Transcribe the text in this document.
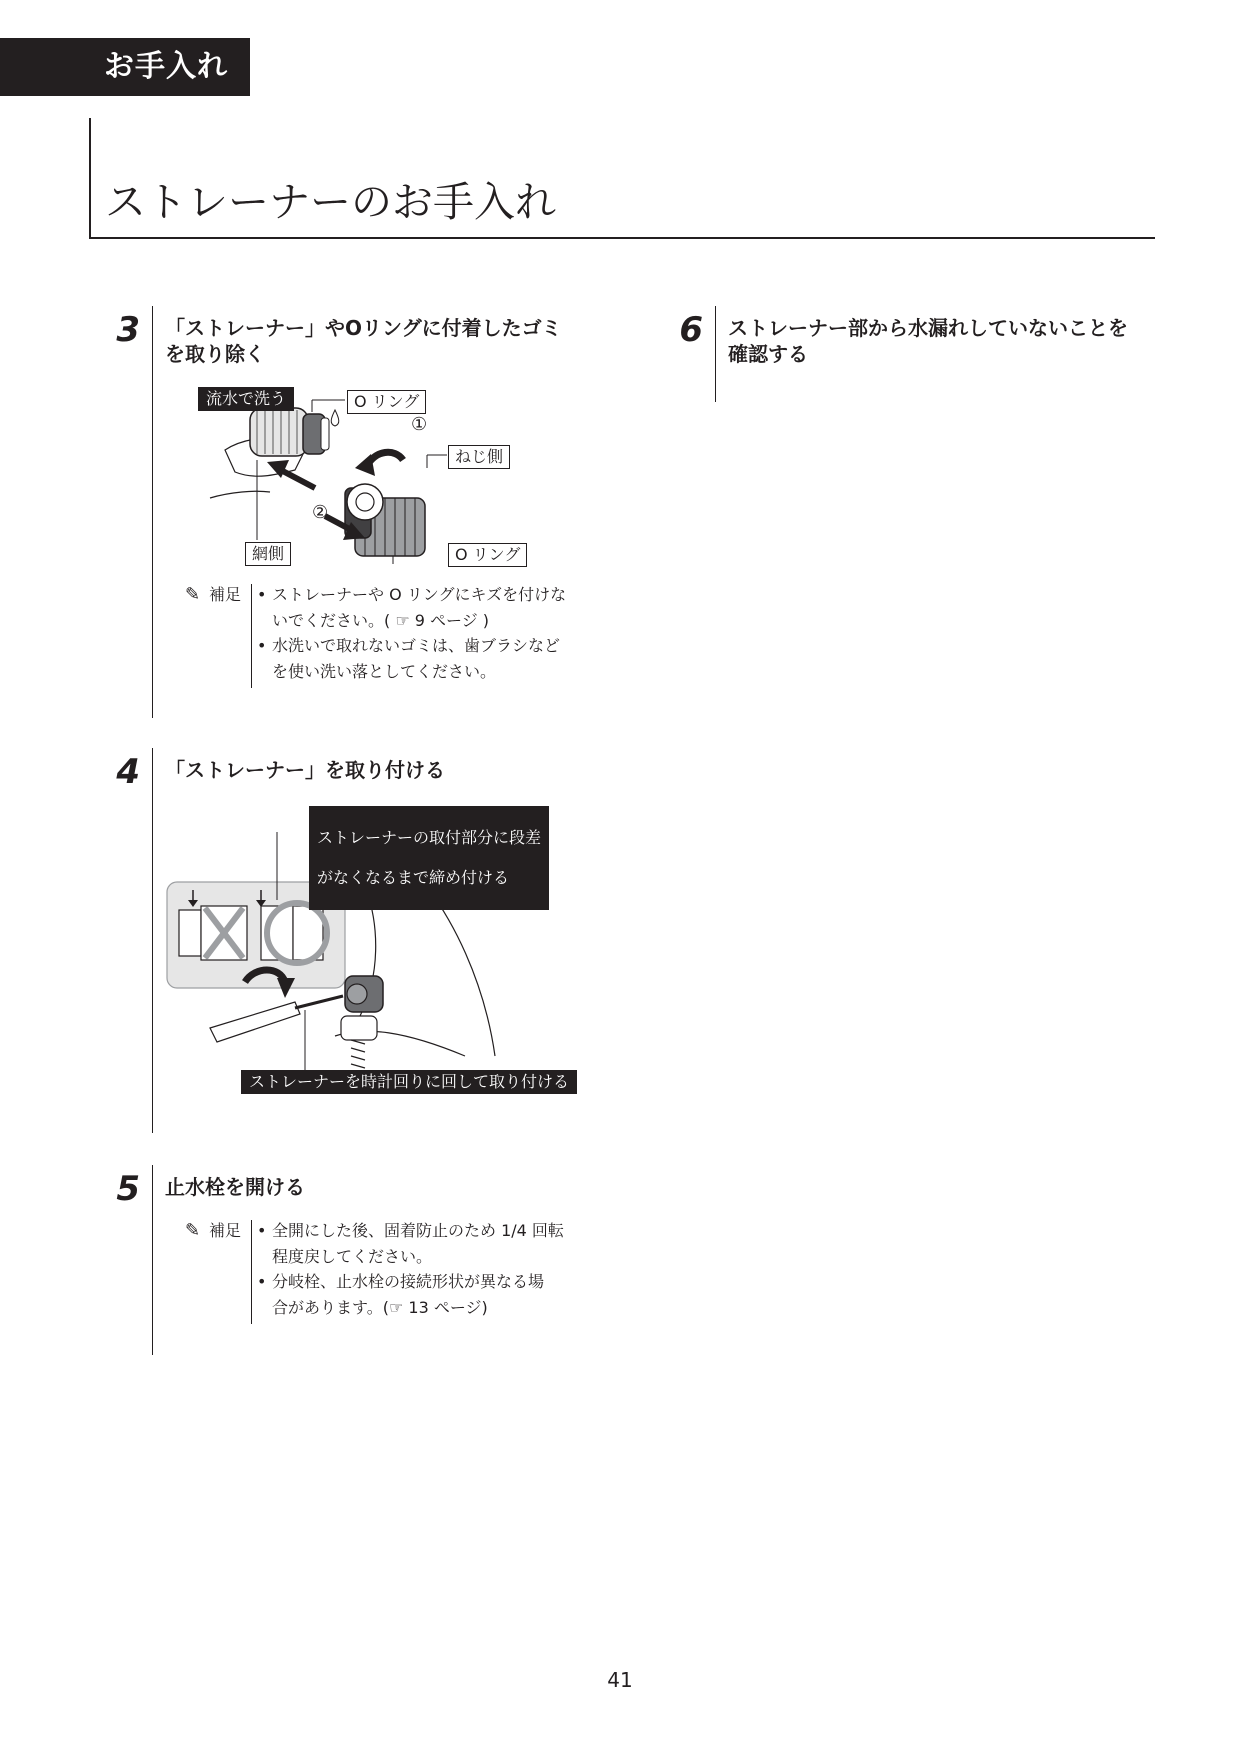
お手入れ
ストレーナーのお手入れ
3 「ストレーナー」やOリングに付着したゴミ
を取り除く
流水で洗う	O リング
①
ねじ側
②
網側	O リング
✎ 補足 • ストレーナーや O リングにキズを付けな
いでください。( ☞ 9 ページ )
• 水洗いで取れないゴミは、歯ブラシなど
を使い洗い落としてください。
4 「ストレーナー」を取り付ける

ストレーナーの取付部分に段差

がなくなるまで締め付ける

ストレーナーを時計回りに回して取り付ける
5 止水栓を開ける
✎ 補足 • 全開にした後、固着防止のため 1/4 回転
程度戻してください。
• 分岐栓、止水栓の接続形状が異なる場
合があります。(☞ 13 ページ)
6 ストレーナー部から水漏れしていないことを
確認する
41
